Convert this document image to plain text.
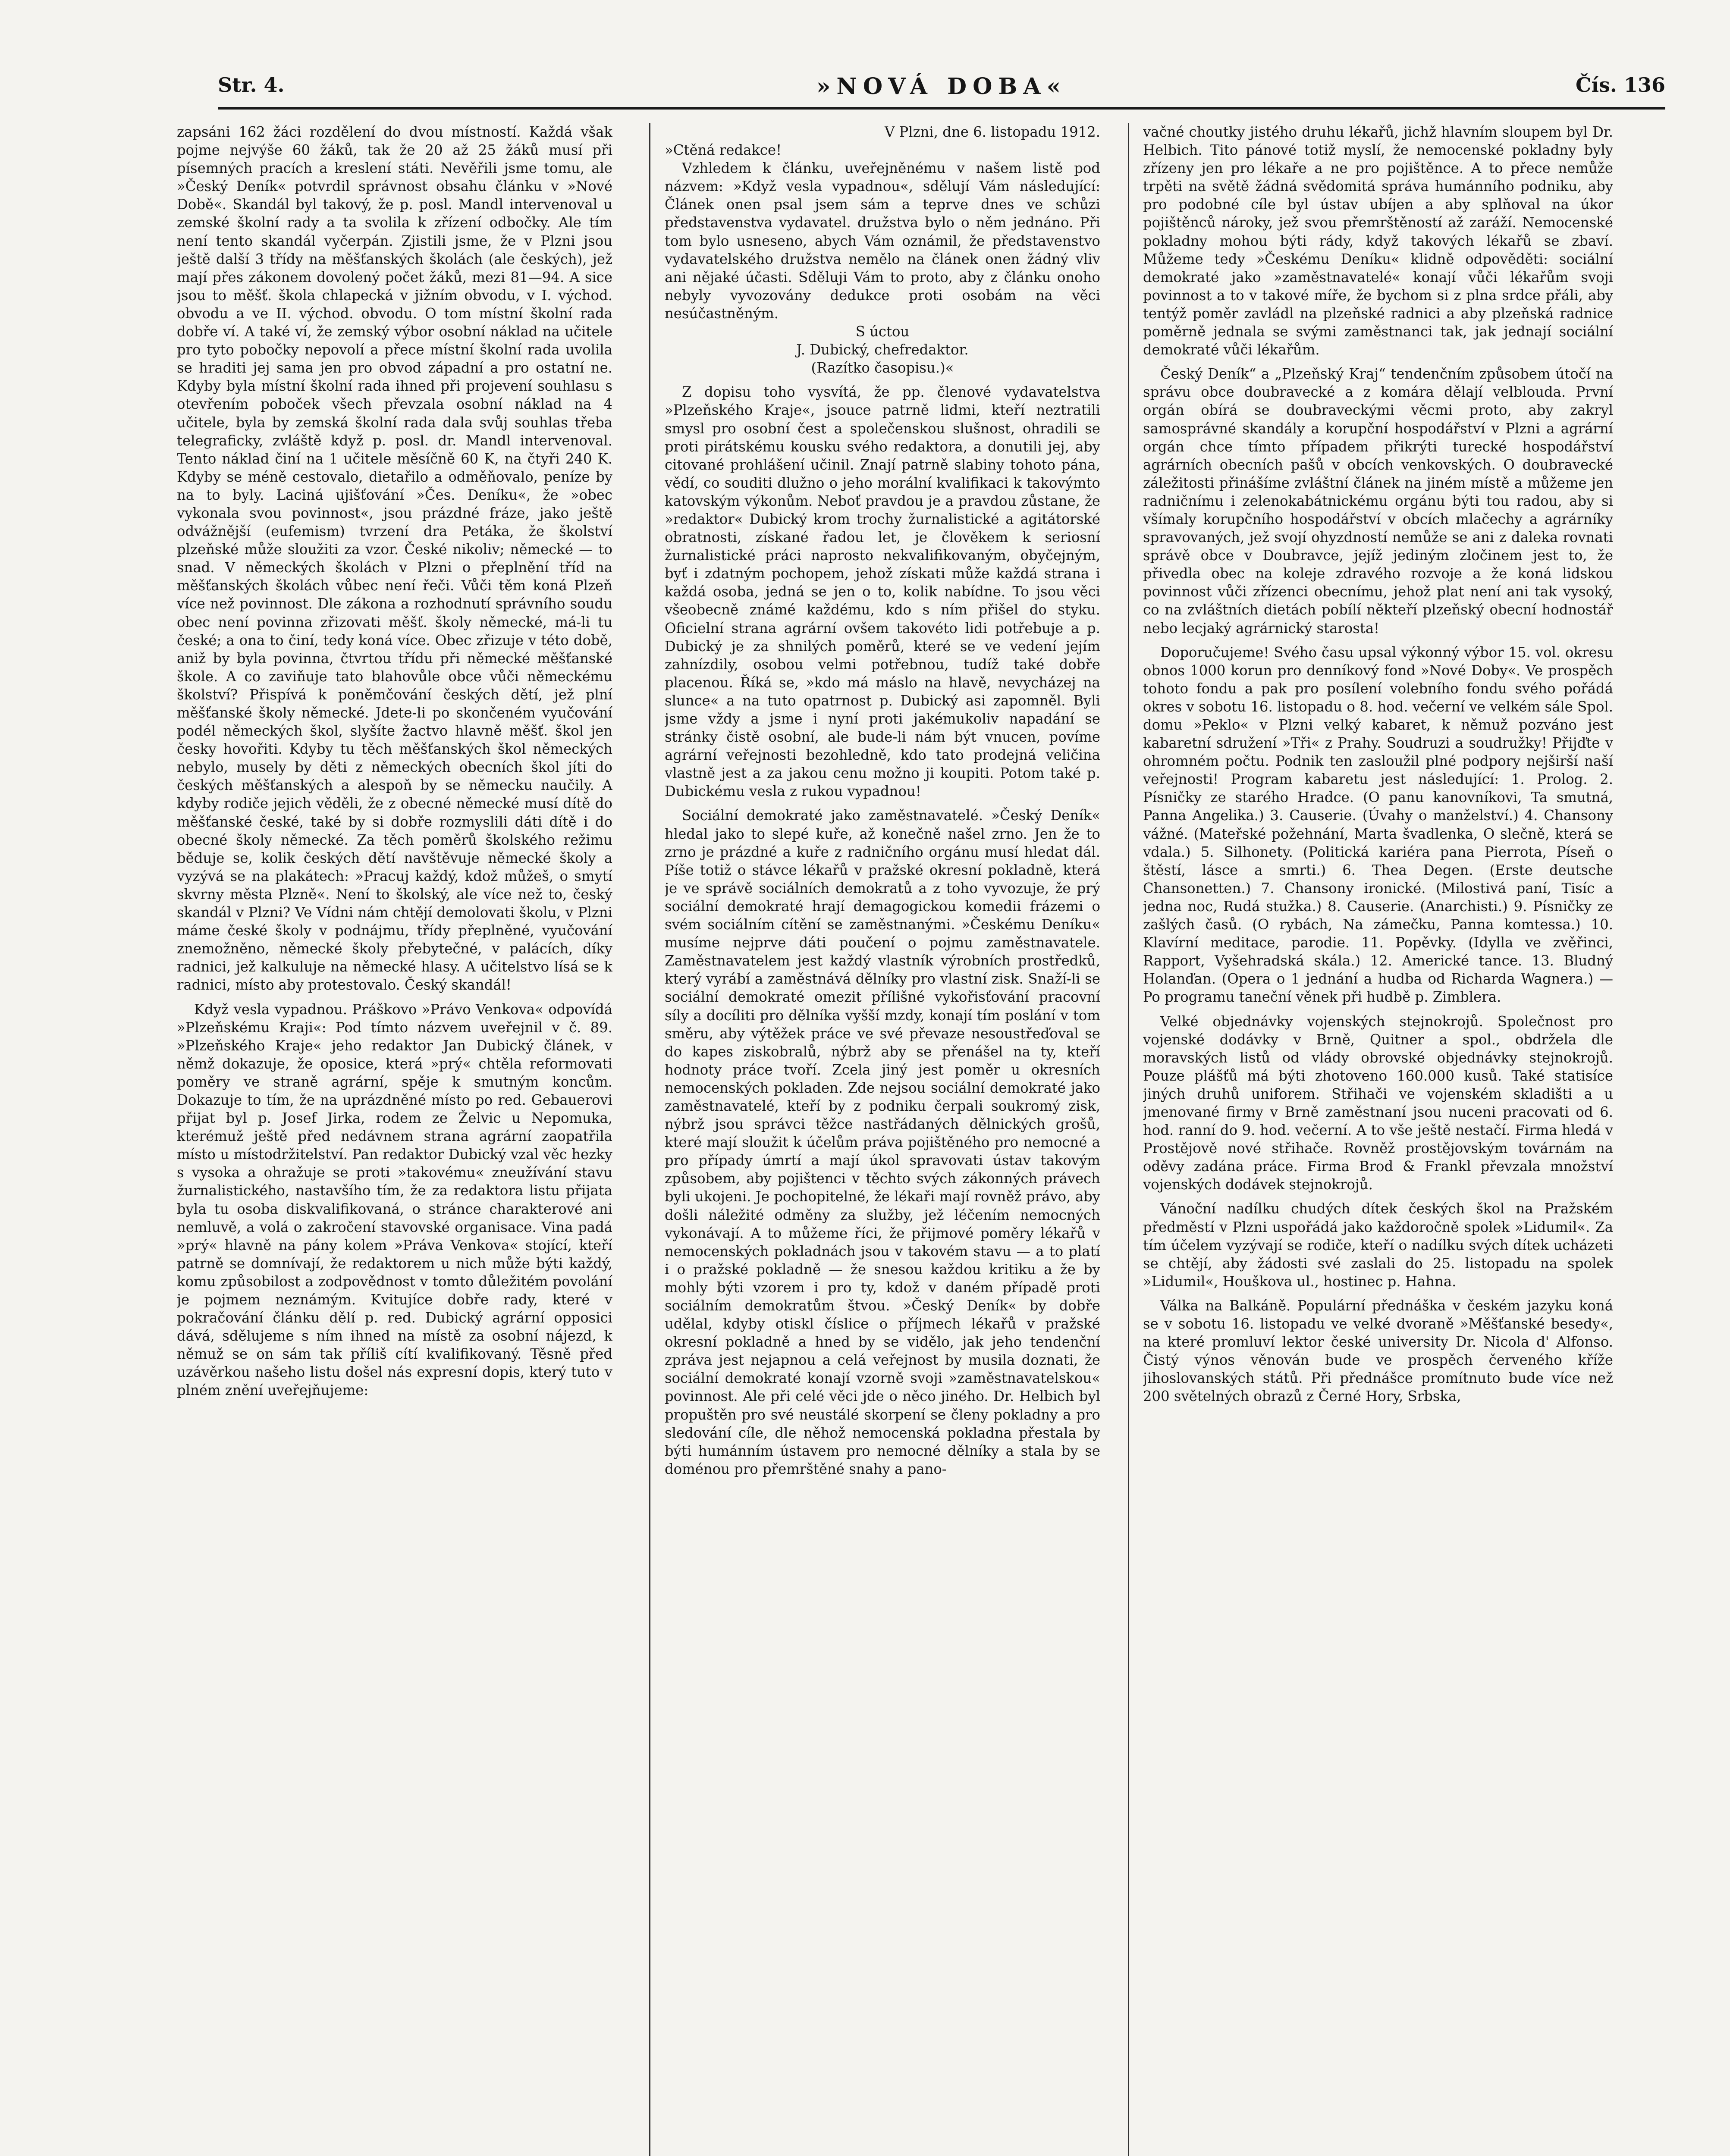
Str. 4.	»NOVÁ DOBA«	Čís. 136

zapsáni 162 žáci rozdělení do dvou místností. Každá však pojme nejvýše 60 žáků, tak že 20 až 25 žáků musí při písemných pracích a kreslení státi. Nevěřili jsme tomu, ale »Český Deník« potvrdil správnost obsahu článku v »Nové Době«. Skandál byl takový, že p. posl. Mandl intervenoval u zemské školní rady a ta svolila k zřízení odbočky. Ale tím není tento skandál vyčerpán. Zjistili jsme, že v Plzni jsou ještě další 3 třídy na měšťanských školách (ale českých), jež mají přes zákonem dovolený počet žáků, mezi 81—94. A sice jsou to měšť. škola chlapecká v jižním obvodu, v I. východ. obvodu a ve II. východ. obvodu. O tom místní školní rada dobře ví. A také ví, že zemský výbor osobní náklad na učitele pro tyto pobočky nepovolí a přece místní školní rada uvolila se hraditi jej sama jen pro obvod západní a pro ostatní ne. Kdyby byla místní školní rada ihned při projevení souhlasu s otevřením poboček všech převzala osobní náklad na 4 učitele, byla by zemská školní rada dala svůj souhlas třeba telegraficky, zvláště když p. posl. dr. Mandl intervenoval. Tento náklad činí na 1 učitele měsíčně 60 K, na čtyři 240 K. Kdyby se méně cestovalo, dietařilo a odměňovalo, peníze by na to byly. Laciná ujišťování »Čes. Deníku«, že »obec vykonala svou povinnost«, jsou prázdné fráze, jako ještě odvážnější (eufemism) tvrzení dra Petáka, že školství plzeňské může sloužiti za vzor. České nikoliv; německé — to snad. V německých školách v Plzni o přeplnění tříd na měšťanských školách vůbec není řeči. Vůči těm koná Plzeň více než povinnost. Dle zákona a rozhodnutí správního soudu obec není povinna zřizovati měšť. školy německé, má-li tu české; a ona to činí, tedy koná více. Obec zřizuje v této době, aniž by byla povinna, čtvrtou třídu při německé měšťanské škole. A co zaviňuje tato blahovůle obce vůči německému školství? Přispívá k poněmčování českých dětí, jež plní měšťanské školy německé. Jdete-li po skončeném vyučování podél německých škol, slyšíte žactvo hlavně měšť. škol jen česky hovořiti. Kdyby tu těch měšťanských škol německých nebylo, musely by děti z německých obecních škol jíti do českých měšťanských a alespoň by se německu naučily. A kdyby rodiče jejich věděli, že z obecné německé musí dítě do měšťanské české, také by si dobře rozmyslili dáti dítě i do obecné školy německé. Za těch poměrů školského režimu běduje se, kolik českých dětí navštěvuje německé školy a vyzývá se na plakátech: »Pracuj každý, kdož můžeš, o smytí skvrny města Plzně«. Není to školský, ale více než to, český skandál v Plzni? Ve Vídni nám chtějí demolovati školu, v Plzni máme české školy v podnájmu, třídy přeplněné, vyučování znemožněno, německé školy přebytečné, v palácích, díky radnici, jež kalkuluje na německé hlasy. A učitelstvo lísá se k radnici, místo aby protestovalo. Český skandál!

Když vesla vypadnou. Práškovo »Právo Venkova« odpovídá »Plzeňskému Kraji«: Pod tímto názvem uveřejnil v č. 89. »Plzeňského Kraje« jeho redaktor Jan Dubický článek, v němž dokazuje, že oposice, která »prý« chtěla reformovati poměry ve straně agrární, spěje k smutným koncům. Dokazuje to tím, že na uprázdněné místo po red. Gebauerovi přijat byl p. Josef Jirka, rodem ze Želvic u Nepomuka, kterémuž ještě před nedávnem strana agrární zaopatřila místo u místodržitelství. Pan redaktor Dubický vzal věc hezky s vysoka a ohražuje se proti »takovému« zneužívání stavu žurnalistického, nastavšího tím, že za redaktora listu přijata byla tu osoba diskvalifikovaná, o stránce charakterové ani nemluvě, a volá o zakročení stavovské organisace. Vina padá »prý« hlavně na pány kolem »Práva Venkova« stojící, kteří patrně se domnívají, že redaktorem u nich může býti každý, komu způsobilost a zodpovědnost v tomto důležitém povolání je pojmem neznámým. Kvitujíce dobře rady, které v pokračování článku dělí p. red. Dubický agrární opposici dává, sdělujeme s ním ihned na místě za osobní nájezd, k němuž se on sám tak příliš cítí kvalifikovaný. Těsně před uzávěrkou našeho listu došel nás expresní dopis, který tuto v plném znění uveřejňujeme:

V Plzni, dne 6. listopadu 1912.

»Ctěná redakce!

Vzhledem k článku, uveřejněnému v našem listě pod názvem: »Když vesla vypadnou«, sdělují Vám následující: Článek onen psal jsem sám a teprve dnes ve schůzi představenstva vydavatel. družstva bylo o něm jednáno. Při tom bylo usneseno, abych Vám oznámil, že představenstvo vydavatelského družstva nemělo na článek onen žádný vliv ani nějaké účasti. Sděluji Vám to proto, aby z článku onoho nebyly vyvozovány dedukce proti osobám na věci nesúčastněným.

S úctou

J. Dubický, chefredaktor.

(Razítko časopisu.)«

Z dopisu toho vysvítá, že pp. členové vydavatelstva »Plzeňského Kraje«, jsouce patrně lidmi, kteří neztratili smysl pro osobní čest a společenskou slušnost, ohradili se proti pirátskému kousku svého redaktora, a donutili jej, aby citované prohlášení učinil. Znají patrně slabiny tohoto pána, vědí, co souditi dlužno o jeho morální kvalifikaci k takovýmto katovským výkonům. Neboť pravdou je a pravdou zůstane, že »redaktor« Dubický krom trochy žurnalistické a agitátorské obratnosti, získané řadou let, je člověkem k seriosní žurnalistické práci naprosto nekvalifikovaným, obyčejným, byť i zdatným pochopem, jehož získati může každá strana i každá osoba, jedná se jen o to, kolik nabídne. To jsou věci všeobecně známé každému, kdo s ním přišel do styku. Oficielní strana agrární ovšem takovéto lidi potřebuje a p. Dubický je za shnilých poměrů, které se ve vedení jejím zahnízdily, osobou velmi potřebnou, tudíž také dobře placenou. Říká se, »kdo má máslo na hlavě, nevycházej na slunce« a na tuto opatrnost p. Dubický asi zapomněl. Byli jsme vždy a jsme i nyní proti jakémukoliv napadání se stránky čistě osobní, ale bude-li nám být vnucen, povíme agrární veřejnosti bezohledně, kdo tato prodejná veličina vlastně jest a za jakou cenu možno ji koupiti. Potom také p. Dubickému vesla z rukou vypadnou!

Sociální demokraté jako zaměstnavatelé. »Český Deník« hledal jako to slepé kuře, až konečně našel zrno. Jen že to zrno je prázdné a kuře z radničního orgánu musí hledat dál. Píše totiž o stávce lékařů v pražské okresní pokladně, která je ve správě sociálních demokratů a z toho vyvozuje, že prý sociální demokraté hrají demagogickou komedii frázemi o svém sociálním cítění se zaměstnanými. »Českému Deníku« musíme nejprve dáti poučení o pojmu zaměstnavatele. Zaměstnavatelem jest každý vlastník výrobních prostředků, který vyrábí a zaměstnává dělníky pro vlastní zisk. Snaží-li se sociální demokraté omezit přílišné vykořisťování pracovní síly a docíliti pro dělníka vyšší mzdy, konají tím poslání v tom směru, aby výtěžek práce ve své převaze nesoustřeďoval se do kapes ziskobralů, nýbrž aby se přenášel na ty, kteří hodnoty práce tvoří. Zcela jiný jest poměr u okresních nemocenských pokladen. Zde nejsou sociální demokraté jako zaměstnavatelé, kteří by z podniku čerpali soukromý zisk, nýbrž jsou správci těžce nastřádaných dělnických grošů, které mají sloužit k účelům práva pojištěného pro nemocné a pro případy úmrtí a mají úkol spravovati ústav takovým způsobem, aby pojištenci v těchto svých zákonných právech byli ukojeni. Je pochopitelné, že lékaři mají rovněž právo, aby došli náležité odměny za služby, jež léčením nemocných vykonávají. A to můžeme říci, že přijmové poměry lékařů v nemocenských pokladnách jsou v takovém stavu — a to platí i o pražské pokladně — že snesou každou kritiku a že by mohly býti vzorem i pro ty, kdož v daném případě proti sociálním demokratům štvou. »Český Deník« by dobře udělal, kdyby otiskl číslice o příjmech lékařů v pražské okresní pokladně a hned by se vidělo, jak jeho tendenční zpráva jest nejapnou a celá veřejnost by musila doznati, že sociální demokraté konají vzorně svoji »zaměstnavatelskou« povinnost. Ale při celé věci jde o něco jiného. Dr. Helbich byl propuštěn pro své neustálé skorpení se členy pokladny a pro sledování cíle, dle něhož nemocenská pokladna přestala by býti humánním ústavem pro nemocné dělníky a stala by se doménou pro přemrštěné snahy a pano-

vačné choutky jistého druhu lékařů, jichž hlavním sloupem byl Dr. Helbich. Tito pánové totiž myslí, že nemocenské pokladny byly zřízeny jen pro lékaře a ne pro pojištěnce. A to přece nemůže trpěti na světě žádná svědomitá správa humánního podniku, aby pro podobné cíle byl ústav ubíjen a aby splňoval na úkor pojištěnců nároky, jež svou přemrštěností až zaráží. Nemocenské pokladny mohou býti rády, když takových lékařů se zbaví. Můžeme tedy »Českému Deníku« klidně odpověděti: sociální demokraté jako »zaměstnavatelé« konají vůči lékařům svoji povinnost a to v takové míře, že bychom si z plna srdce přáli, aby tentýž poměr zavládl na plzeňské radnici a aby plzeňská radnice poměrně jednala se svými zaměstnanci tak, jak jednají sociální demokraté vůči lékařům.

Český Deník“ a „Plzeňský Kraj“ tendenčním způsobem útočí na správu obce doubravecké a z komára dělají velblouda. První orgán obírá se doubraveckými věcmi proto, aby zakryl samosprávné skandály a korupční hospodářství v Plzni a agrární orgán chce tímto případem přikrýti turecké hospodářství agrárních obecních pašů v obcích venkovských. O doubravecké záležitosti přinášíme zvláštní článek na jiném místě a můžeme jen radničnímu i zelenokabátnickému orgánu býti tou radou, aby si všímaly korupčního hospodářství v obcích mlačechy a agrárníky spravovaných, jež svojí ohyzdností nemůže se ani z daleka rovnati správě obce v Doubravce, jejíž jediným zločinem jest to, že přivedla obec na koleje zdravého rozvoje a že koná lidskou povinnost vůči zřízenci obecnímu, jehož plat není ani tak vysoký, co na zvláštních dietách pobílí někteří plzeňský obecní hodnostář nebo lecjaký agrárnický starosta!

Doporučujeme! Svého času upsal výkonný výbor 15. vol. okresu obnos 1000 korun pro denníkový fond »Nové Doby«. Ve prospěch tohoto fondu a pak pro posílení volebního fondu svého pořádá okres v sobotu 16. listopadu o 8. hod. večerní ve velkém sále Spol. domu »Peklo« v Plzni velký kabaret, k němuž pozváno jest kabaretní sdružení »Tři« z Prahy. Soudruzi a soudružky! Přijďte v ohromném počtu. Podnik ten zasloužil plné podpory nejširší naší veřejnosti! Program kabaretu jest následující: 1. Prolog. 2. Písničky ze starého Hradce. (O panu kanovníkovi, Ta smutná, Panna Angelika.) 3. Causerie. (Úvahy o manželství.) 4. Chansony vážné. (Mateřské požehnání, Marta švadlenka, O slečně, která se vdala.) 5. Silhonety. (Politická kariéra pana Pierrota, Píseň o štěstí, lásce a smrti.) 6. Thea Degen. (Erste deutsche Chansonetten.) 7. Chansony ironické. (Milostivá paní, Tisíc a jedna noc, Rudá stužka.) 8. Causerie. (Anarchisti.) 9. Písničky ze zašlých časů. (O rybách, Na zámečku, Panna komtessa.) 10. Klavírní meditace, parodie. 11. Popěvky. (Idylla ve zvěřinci, Rapport, Vyšehradská skála.) 12. Americké tance. 13. Bludný Holanďan. (Opera o 1 jednání a hudba od Richarda Wagnera.) — Po programu taneční věnek při hudbě p. Zimblera.

Velké objednávky vojenských stejnokrojů. Společnost pro vojenské dodávky v Brně, Quitner a spol., obdržela dle moravských listů od vlády obrovské objednávky stejnokrojů. Pouze plášťů má býti zhotoveno 160.000 kusů. Také statisíce jiných druhů uniforem. Střihači ve vojenském skladišti a u jmenované firmy v Brně zaměstnaní jsou nuceni pracovati od 6. hod. ranní do 9. hod. večerní. A to vše ještě nestačí. Firma hledá v Prostějově nové střihače. Rovněž prostějovským továrnám na oděvy zadána práce. Firma Brod & Frankl převzala množství vojenských dodávek stejnokrojů.

Vánoční nadílku chudých dítek českých škol na Pražském předměstí v Plzni uspořádá jako každoročně spolek »Lidumil«. Za tím účelem vyzývají se rodiče, kteří o nadílku svých dítek ucházeti se chtějí, aby žádosti své zaslali do 25. listopadu na spolek »Lidumil«, Houškova ul., hostinec p. Hahna.

Válka na Balkáně. Populární přednáška v českém jazyku koná se v sobotu 16. listopadu ve velké dvoraně »Měšťanské besedy«, na které promluví lektor české university Dr. Nicola d' Alfonso. Čistý výnos věnován bude ve prospěch červeného kříže jihoslovanských států. Při přednášce promítnuto bude více než 200 světelných obrazů z Černé Hory, Srbska,
